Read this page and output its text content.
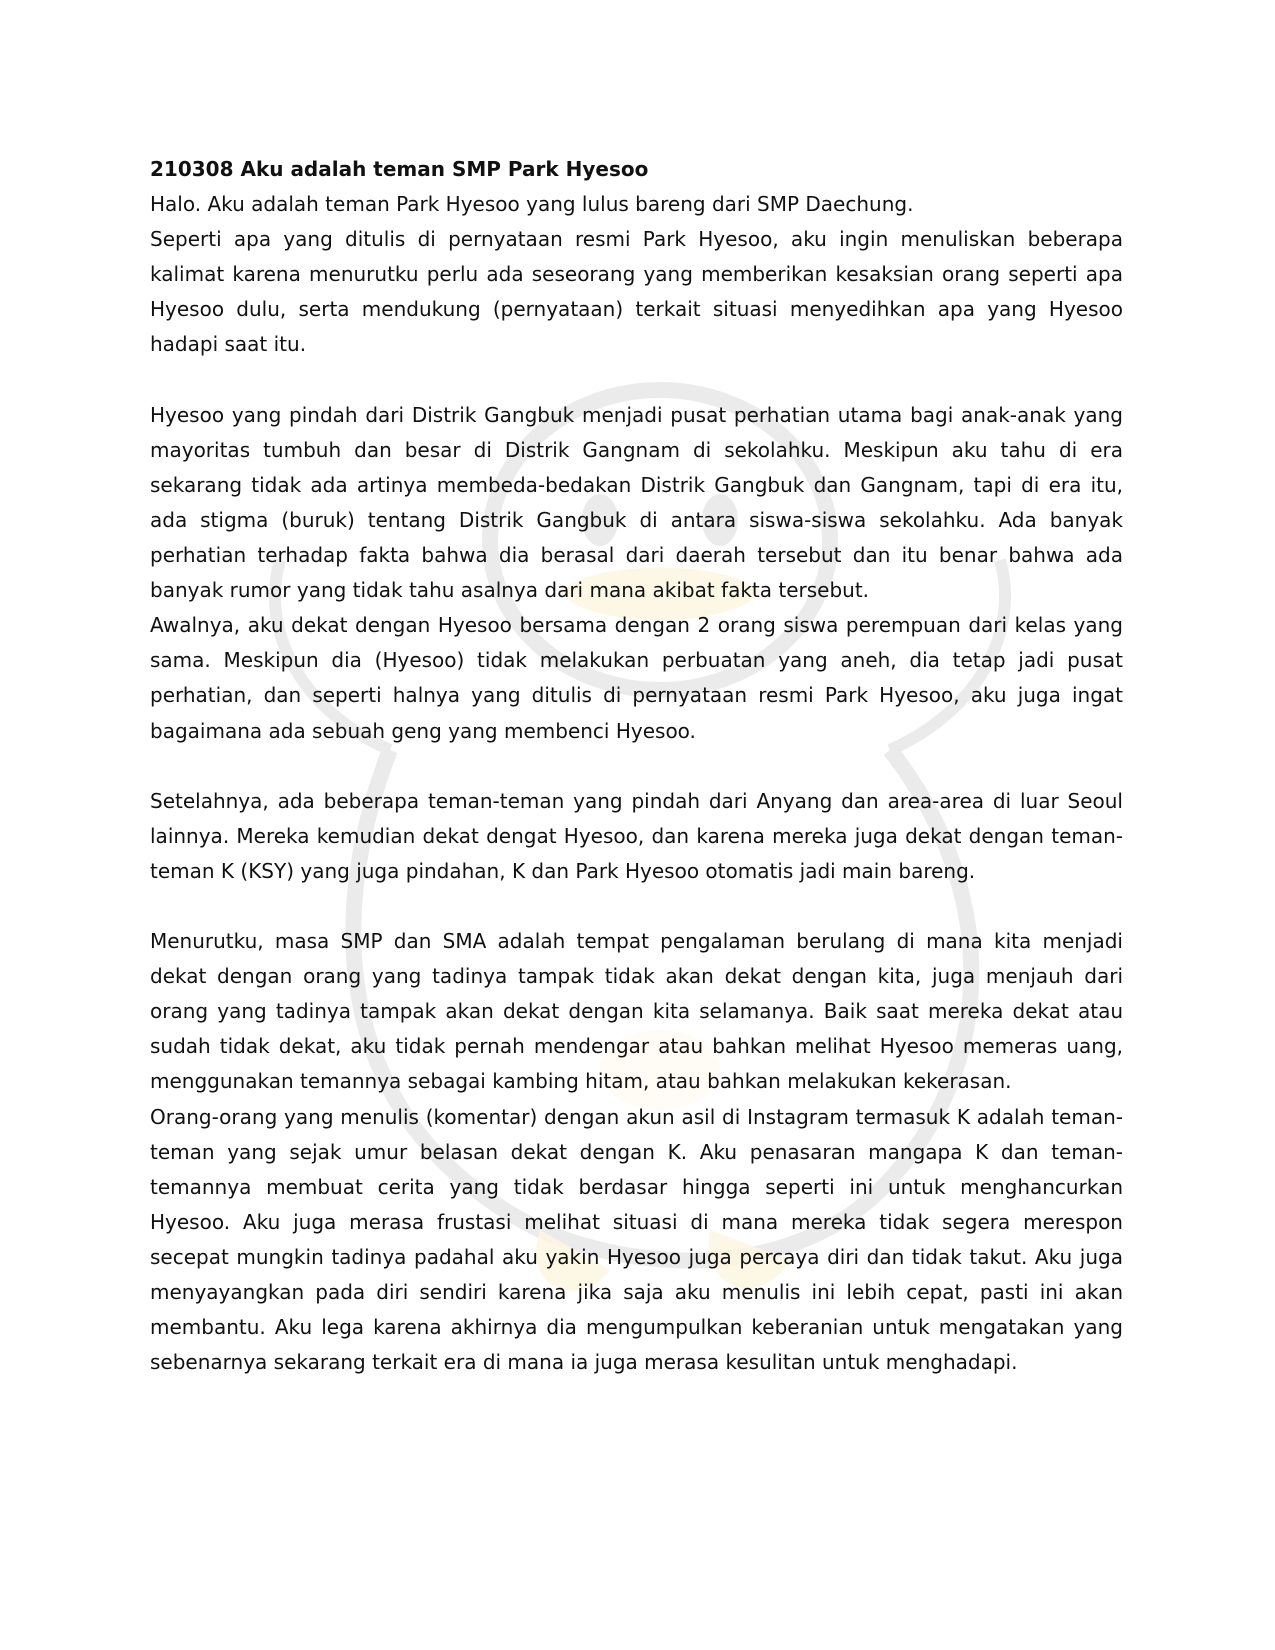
210308 Aku adalah teman SMP Park Hyesoo

Halo. Aku adalah teman Park Hyesoo yang lulus bareng dari SMP Daechung.

Seperti apa yang ditulis di pernyataan resmi Park Hyesoo, aku ingin menuliskan beberapa kalimat karena menurutku perlu ada seseorang yang memberikan kesaksian orang seperti apa Hyesoo dulu, serta mendukung (pernyataan) terkait situasi menyedihkan apa yang Hyesoo hadapi saat itu.

Hyesoo yang pindah dari Distrik Gangbuk menjadi pusat perhatian utama bagi anak-anak yang mayoritas tumbuh dan besar di Distrik Gangnam di sekolahku. Meskipun aku tahu di era sekarang tidak ada artinya membeda-bedakan Distrik Gangbuk dan Gangnam, tapi di era itu, ada stigma (buruk) tentang Distrik Gangbuk di antara siswa-siswa sekolahku. Ada banyak perhatian terhadap fakta bahwa dia berasal dari daerah tersebut dan itu benar bahwa ada banyak rumor yang tidak tahu asalnya dari mana akibat fakta tersebut.

Awalnya, aku dekat dengan Hyesoo bersama dengan 2 orang siswa perempuan dari kelas yang sama. Meskipun dia (Hyesoo) tidak melakukan perbuatan yang aneh, dia tetap jadi pusat perhatian, dan seperti halnya yang ditulis di pernyataan resmi Park Hyesoo, aku juga ingat bagaimana ada sebuah geng yang membenci Hyesoo.

Setelahnya, ada beberapa teman-teman yang pindah dari Anyang dan area-area di luar Seoul lainnya. Mereka kemudian dekat dengat Hyesoo, dan karena mereka juga dekat dengan teman-teman K (KSY) yang juga pindahan, K dan Park Hyesoo otomatis jadi main bareng.

Menurutku, masa SMP dan SMA adalah tempat pengalaman berulang di mana kita menjadi dekat dengan orang yang tadinya tampak tidak akan dekat dengan kita, juga menjauh dari orang yang tadinya tampak akan dekat dengan kita selamanya. Baik saat mereka dekat atau sudah tidak dekat, aku tidak pernah mendengar atau bahkan melihat Hyesoo memeras uang, menggunakan temannya sebagai kambing hitam, atau bahkan melakukan kekerasan.

Orang-orang yang menulis (komentar) dengan akun asil di Instagram termasuk K adalah teman-teman yang sejak umur belasan dekat dengan K. Aku penasaran mangapa K dan teman-temannya membuat cerita yang tidak berdasar hingga seperti ini untuk menghancurkan Hyesoo. Aku juga merasa frustasi melihat situasi di mana mereka tidak segera merespon secepat mungkin tadinya padahal aku yakin Hyesoo juga percaya diri dan tidak takut. Aku juga menyayangkan pada diri sendiri karena jika saja aku menulis ini lebih cepat, pasti ini akan membantu. Aku lega karena akhirnya dia mengumpulkan keberanian untuk mengatakan yang sebenarnya sekarang terkait era di mana ia juga merasa kesulitan untuk menghadapi.
